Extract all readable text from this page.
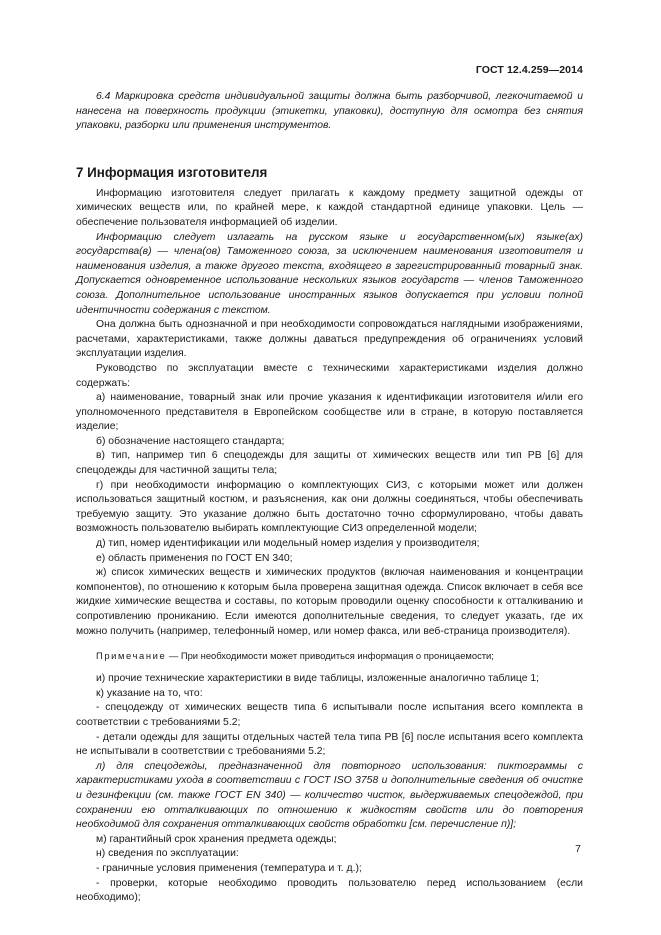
ГОСТ 12.4.259—2014

6.4 Маркировка средств индивидуальной защиты должна быть разборчивой, легкочитаемой и нанесена на поверхность продукции (этикетки, упаковки), доступную для осмотра без снятия упаковки, разборки или применения инструментов.

7 Информация изготовителя

Информацию изготовителя следует прилагать к каждому предмету защитной одежды от химических веществ или, по крайней мере, к каждой стандартной единице упаковки. Цель — обеспечение пользователя информацией об изделии.

Информацию следует излагать на русском языке и государственном(ых) языке(ах) государства(в) — члена(ов) Таможенного союза, за исключением наименования изготовителя и наименования изделия, а также другого текста, входящего в зарегистрированный товарный знак. Допускается одновременное использование нескольких языков государств — членов Таможенного союза. Дополнительное использование иностранных языков допускается при условии полной идентичности содержания с текстом.

Она должна быть однозначной и при необходимости сопровождаться наглядными изображениями, расчетами, характеристиками, также должны даваться предупреждения об ограничениях условий эксплуатации изделия.

Руководство по эксплуатации вместе с техническими характеристиками изделия должно содержать:

а) наименование, товарный знак или прочие указания к идентификации изготовителя и/или его уполномоченного представителя в Европейском сообществе или в стране, в которую поставляется изделие;

б) обозначение настоящего стандарта;

в) тип, например тип 6 спецодежды для защиты от химических веществ или тип PB [6] для спецодежды для частичной защиты тела;

г) при необходимости информацию о комплектующих СИЗ, с которыми может или должен использоваться защитный костюм, и разъяснения, как они должны соединяться, чтобы обеспечивать требуемую защиту. Это указание должно быть достаточно точно сформулировано, чтобы давать возможность пользователю выбирать комплектующие СИЗ определенной модели;

д) тип, номер идентификации или модельный номер изделия у производителя;

е) область применения по ГОСТ EN 340;

ж) список химических веществ и химических продуктов (включая наименования и концентрации компонентов), по отношению к которым была проверена защитная одежда. Список включает в себя все жидкие химические вещества и составы, по которым проводили оценку способности к отталкиванию и сопротивлению прониканию. Если имеются дополнительные сведения, то следует указать, где их можно получить (например, телефонный номер, или номер факса, или веб-страница производителя).

Примечание — При необходимости может приводиться информация о проницаемости;

и) прочие технические характеристики в виде таблицы, изложенные аналогично таблице 1;

к) указание на то, что:

- спецодежду от химических веществ типа 6 испытывали после испытания всего комплекта в соответствии с требованиями 5.2;

- детали одежды для защиты отдельных частей тела типа PB [6] после испытания всего комплекта не испытывали в соответствии с требованиями 5.2;

л) для спецодежды, предназначенной для повторного использования: пиктограммы с характеристиками ухода в соответствии с ГОСТ ISO 3758 и дополнительные сведения об очистке и дезинфекции (см. также ГОСТ EN 340) — количество чисток, выдерживаемых спецодеждой, при сохранении ею отталкивающих по отношению к жидкостям свойств или до повторения необходимой для сохранения отталкивающих свойств обработки [см. перечисление п)];

м) гарантийный срок хранения предмета одежды;

н) сведения по эксплуатации:

- граничные условия применения (температура и т. д.);

- проверки, которые необходимо проводить пользователю перед использованием (если необходимо);

7
